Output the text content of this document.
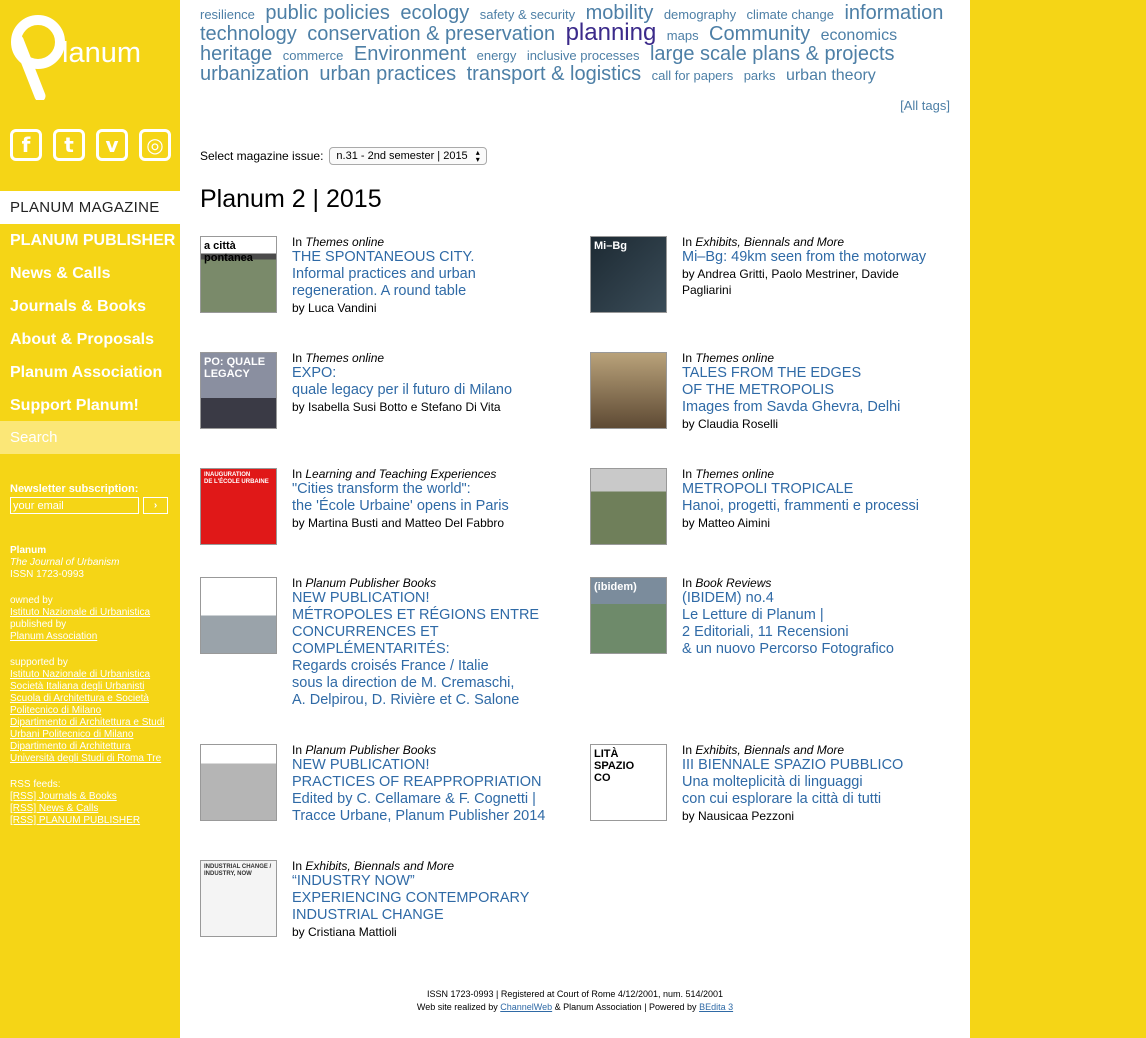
lanum
f	t	v	◎
PLANUM MAGAZINE
PLANUM PUBLISHER
News & Calls
Journals & Books
About & Proposals
Planum Association
Support Planum!
Search
Newsletter subscription:
your email
›
Planum
The Journal of Urbanism
ISSN 1723-0993
owned by
Istituto Nazionale di Urbanistica
published by
Planum Association
supported by
Istituto Nazionale di Urbanistica
Società Italiana degli Urbanisti
Scuola di Architettura e Società Politecnico di Milano
Dipartimento di Architettura e Studi Urbani Politecnico di Milano
Dipartimento di Architettura Università degli Studi di Roma Tre
RSS feeds:
[RSS] Journals & Books
[RSS] News & Calls
[RSS] PLANUM PUBLISHER
resilience public policies ecology safety & security mobility demography climate change information technology conservation & preservation planning maps Community economics heritage commerce Environment energy inclusive processes large scale plans & projects urbanization urban practices transport & logistics call for papers parks urban theory
[All tags]
Select magazine issue: n.31 - 2nd semester | 2015 ▴
▾
Planum 2 | 2015
a città
pontanea
In Themes online
THE SPONTANEOUS CITY.
Informal practices and urban
regeneration. A round table
by Luca Vandini
Mi–Bg	In Exhibits, Biennals and More
Mi–Bg: 49km seen from the motorway
by Andrea Gritti, Paolo Mestriner, Davide
Pagliarini
PO: QUALE LEGACY
In Themes online
EXPO:
quale legacy per il futuro di Milano
by Isabella Susi Botto e Stefano Di Vita
In Themes online
TALES FROM THE EDGES
OF THE METROPOLIS
Images from Savda Ghevra, Delhi
by Claudia Roselli
INAUGURATION
DE L'ÉCOLE URBAINE
In Learning and Teaching Experiences
"Cities transform the world":
the 'École Urbaine' opens in Paris
by Martina Busti and Matteo Del Fabbro
In Themes online
METROPOLI TROPICALE
Hanoi, progetti, frammenti e processi
by Matteo Aimini
In Planum Publisher Books
NEW PUBLICATION!
MÉTROPOLES ET RÉGIONS ENTRE
CONCURRENCES ET
COMPLÉMENTARITÉS:
Regards croisés France / Italie
sous la direction de M. Cremaschi,
A. Delpirou, D. Rivière et C. Salone
(ibidem)	In Book Reviews
(IBIDEM) no.4
Le Letture di Planum |
2 Editoriali, 11 Recensioni
& un nuovo Percorso Fotografico
In Planum Publisher Books
NEW PUBLICATION!
PRACTICES OF REAPPROPRIATION
Edited by C. Cellamare & F. Cognetti |
Tracce Urbane, Planum Publisher 2014
LITÀ
SPAZIO
CO
In Exhibits, Biennals and More
III BIENNALE SPAZIO PUBBLICO
Una molteplicità di linguaggi
con cui esplorare la città di tutti
by Nausicaa Pezzoni
INDUSTRIAL CHANGE / INDUSTRY, NOW
In Exhibits, Biennals and More
“INDUSTRY NOW”
EXPERIENCING CONTEMPORARY
INDUSTRIAL CHANGE
by Cristiana Mattioli
ISSN 1723-0993 | Registered at Court of Rome 4/12/2001, num. 514/2001
Web site realized by ChannelWeb & Planum Association | Powered by BEdita 3
